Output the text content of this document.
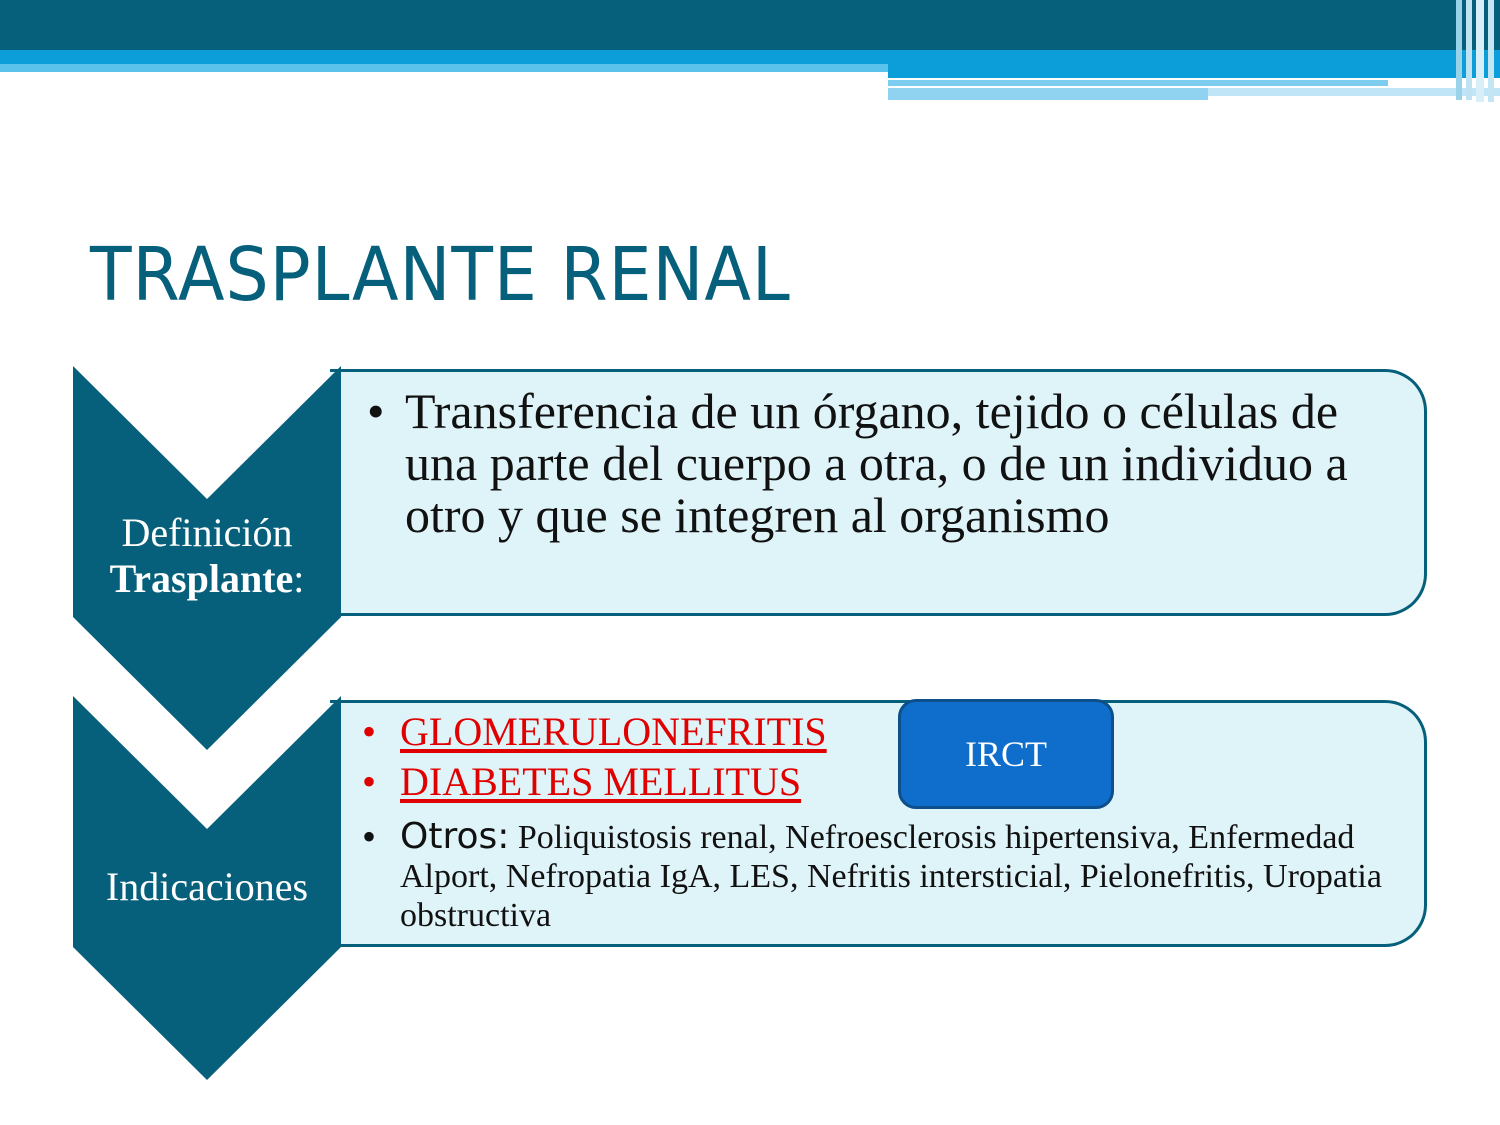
TRASPLANTE RENAL
Definición
Trasplante:
• Transferencia de un órgano, tejido o células de una parte del cuerpo a otra, o de un individuo a otro y que se integren al organismo
Indicaciones
• GLOMERULONEFRITIS
• DIABETES MELLITUS
• Otros: Poliquistosis renal, Nefroesclerosis hipertensiva, Enfermedad Alport, Nefropatia IgA, LES, Nefritis intersticial, Pielonefritis, Uropatia obstructiva
IRCT
